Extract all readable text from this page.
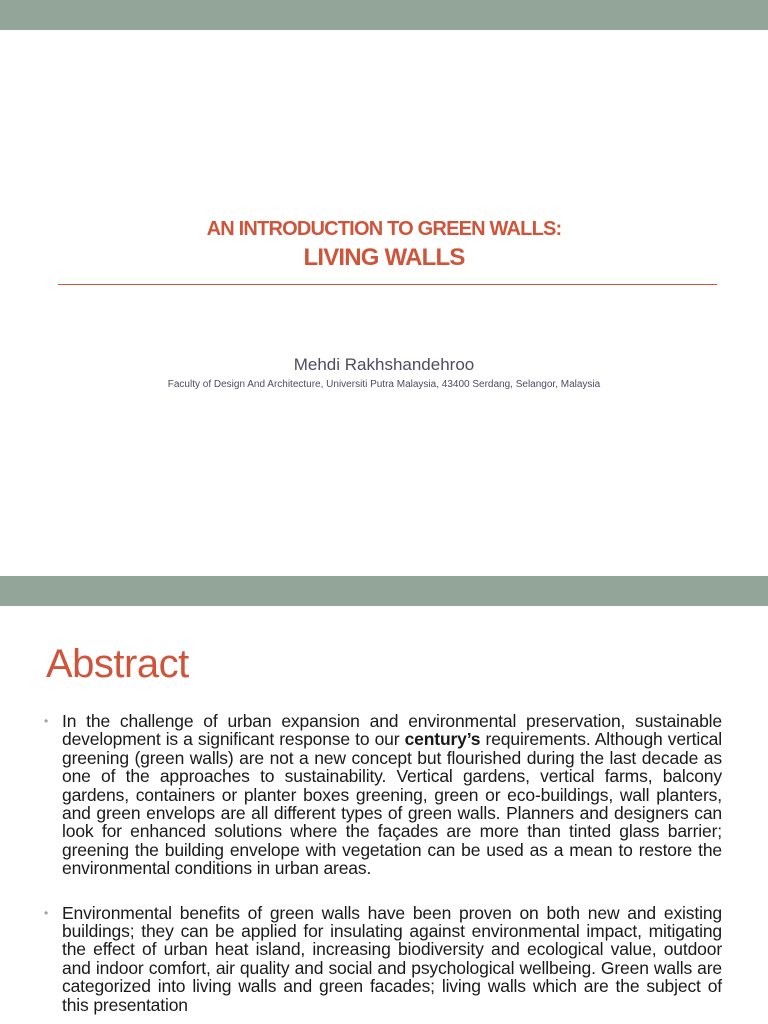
AN INTRODUCTION TO GREEN WALLS:
LIVING WALLS
Mehdi Rakhshandehroo
Faculty of Design And Architecture, Universiti Putra Malaysia, 43400 Serdang, Selangor, Malaysia
Abstract
• In the challenge of urban expansion and environmental preservation, sustainable development is a significant response to our century’s requirements. Although vertical greening (green walls) are not a new concept but flourished during the last decade as one of the approaches to sustainability. Vertical gardens, vertical farms, balcony gardens, containers or planter boxes greening, green or eco-buildings, wall planters, and green envelops are all different types of green walls. Planners and designers can look for enhanced solutions where the façades are more than tinted glass barrier; greening the building envelope with vegetation can be used as a mean to restore the environmental conditions in urban areas.
• Environmental benefits of green walls have been proven on both new and existing buildings; they can be applied for insulating against environmental impact, mitigating the effect of urban heat island, increasing biodiversity and ecological value, outdoor and indoor comfort, air quality and social and psychological wellbeing. Green walls are categorized into living walls and green facades; living walls which are the subject of this presentation
